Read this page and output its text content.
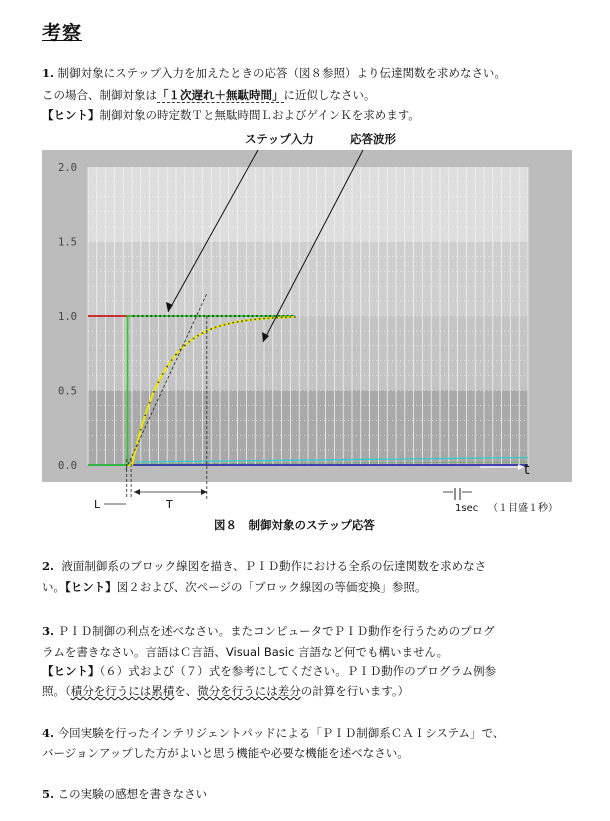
考察
1. 制御対象にステップ入力を加えたときの応答（図８参照）より伝達関数を求めなさい。
この場合、制御対象は「１次遅れ＋無駄時間」に近似しなさい。
【ヒント】制御対象の時定数Ｔと無駄時間ＬおよびゲインＫを求めます。
2.0
1.5
1.0
0.5
0.0	t
L	T	1sec （１目盛１秒）
ステップ入力	応答波形
図８　制御対象のステップ応答
2. 液面制御系のブロック線図を描き、ＰＩＤ動作における全系の伝達関数を求めなさ
い。【ヒント】図２および、次ページの「ブロック線図の等価変換」参照。
3. ＰＩＤ制御の利点を述べなさい。またコンピュータでＰＩＤ動作を行うためのプログ
ラムを書きなさい。言語はＣ言語、Visual Basic 言語など何でも構いません。
【ヒント】（６）式および（７）式を参考にしてください。ＰＩＤ動作のプログラム例参
照。（積分を行うには累積を、微分を行うには差分の計算を行います。）
4. 今回実験を行ったインテリジェントパッドによる「ＰＩＤ制御系ＣＡＩシステム」で、
バージョンアップした方がよいと思う機能や必要な機能を述べなさい。
5. この実験の感想を書きなさい
